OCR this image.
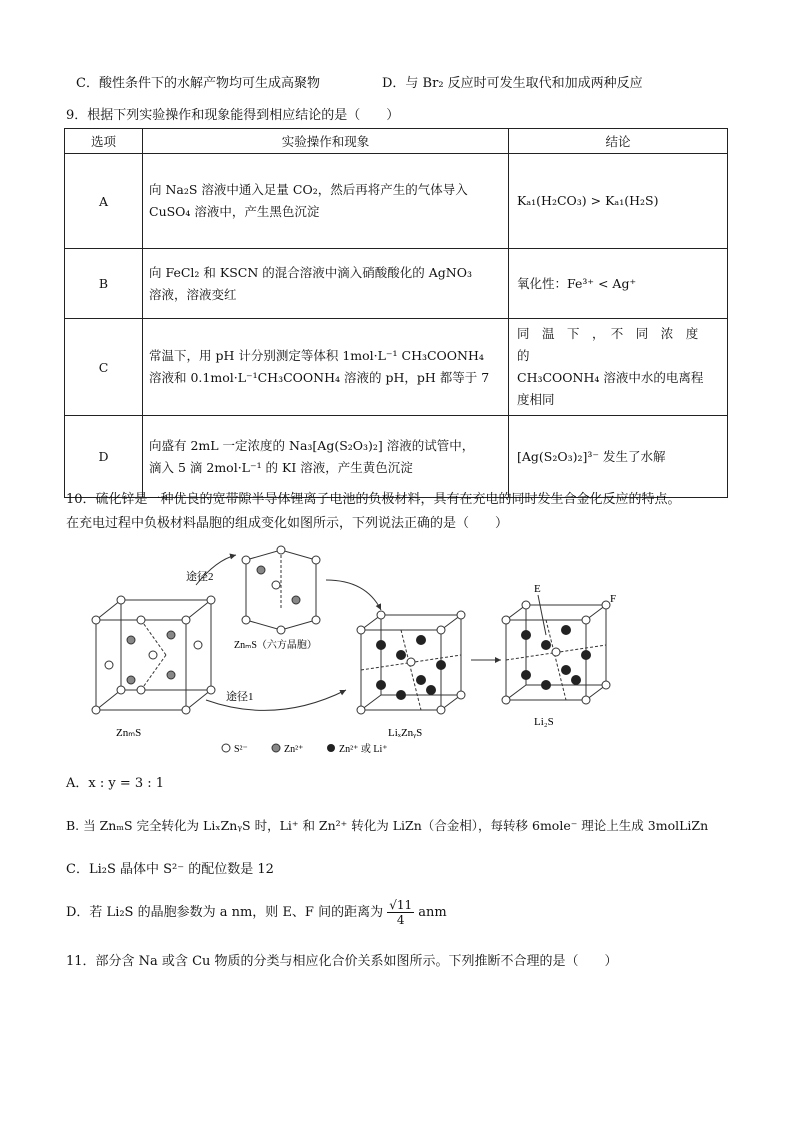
C．酸性条件下的水解产物均可生成高聚物	D．与 Br₂ 反应时可发生取代和加成两种反应
9．根据下列实验操作和现象能得到相应结论的是（　　）
选项	实验操作和现象	结论
A	向 Na₂S 溶液中通入足量 CO₂，然后再将产生的气体导入
CuSO₄ 溶液中，产生黑色沉淀	Kₐ₁(H₂CO₃) > Kₐ₁(H₂S)

B	向 FeCl₂ 和 KSCN 的混合溶液中滴入硝酸酸化的 AgNO₃
溶液，溶液变红	氧化性：Fe³⁺ < Ag⁺

C	常温下，用 pH 计分别测定等体积 1mol·L⁻¹ CH₃COONH₄
溶液和 0.1mol·L⁻¹CH₃COONH₄ 溶液的 pH，pH 都等于 7	同　温　下　，　不　同　浓　度　的
CH₃COONH₄ 溶液中水的电离程
度相同

D	向盛有 2mL 一定浓度的 Na₃[Ag(S₂O₃)₂] 溶液的试管中，
滴入 5 滴 2mol·L⁻¹ 的 KI 溶液，产生黄色沉淀	[Ag(S₂O₃)₂]³⁻ 发生了水解
10．硫化锌是一种优良的宽带隙半导体锂离子电池的负极材料，具有在充电的同时发生合金化反应的特点。
在充电过程中负极材料晶胞的组成变化如图所示，下列说法正确的是（　　）
ZnₘS
途径2
ZnₘS（六方晶胞）
途径1
LiₓZnᵧS
E
F
Li₂S
S²⁻	Zn²⁺	Zn²⁺ 或 Li⁺
A．x : y = 3 : 1
B. 当 ZnₘS 完全转化为 LiₓZnᵧS 时，Li⁺ 和 Zn²⁺ 转化为 LiZn（合金相），每转移 6mole⁻ 理论上生成 3molLiZn
C．Li₂S 晶体中 S²⁻ 的配位数是 12
D．若 Li₂S 的晶胞参数为 a nm，则 E、F 间的距离为 $\frac{√11}{4}$ anm
11．部分含 Na 或含 Cu 物质的分类与相应化合价关系如图所示。下列推断不合理的是（　　）
